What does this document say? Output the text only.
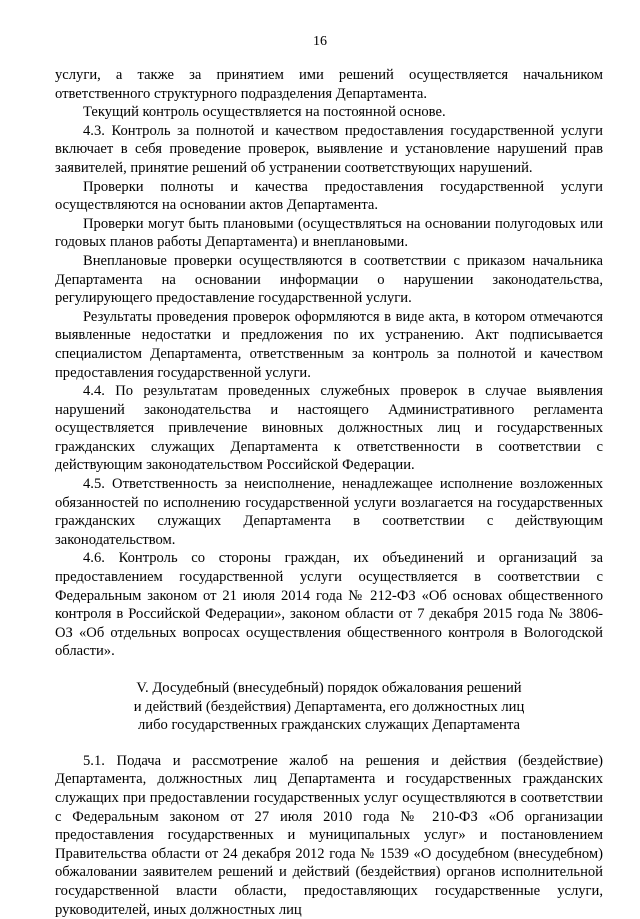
16

услуги, а также за принятием ими решений осуществляется начальником ответственного структурного подразделения Департамента.

Текущий контроль осуществляется на постоянной основе.

4.3. Контроль за полнотой и качеством предоставления государственной услуги включает в себя проведение проверок, выявление и установление нарушений прав заявителей, принятие решений об устранении соответствующих нарушений.

Проверки полноты и качества предоставления государственной услуги осуществляются на основании актов Департамента.

Проверки могут быть плановыми (осуществляться на основании полугодовых или годовых планов работы Департамента) и внеплановыми.

Внеплановые проверки осуществляются в соответствии с приказом начальника Департамента на основании информации о нарушении законодательства, регулирующего предоставление государственной услуги.

Результаты проведения проверок оформляются в виде акта, в котором отмечаются выявленные недостатки и предложения по их устранению. Акт подписывается специалистом Департамента, ответственным за контроль за полнотой и качеством предоставления государственной услуги.

4.4. По результатам проведенных служебных проверок в случае выявления нарушений законодательства и настоящего Административного регламента осуществляется привлечение виновных должностных лиц и государственных гражданских служащих Департамента к ответственности в соответствии с действующим законодательством Российской Федерации.

4.5. Ответственность за неисполнение, ненадлежащее исполнение возложенных обязанностей по исполнению государственной услуги возлагается на государственных гражданских служащих Департамента в соответствии с действующим законодательством.

4.6. Контроль со стороны граждан, их объединений и организаций за предоставлением государственной услуги осуществляется в соответствии с Федеральным законом от 21 июля 2014 года № 212-ФЗ «Об основах общественного контроля в Российской Федерации», законом области от 7 декабря 2015 года № 3806-ОЗ «Об отдельных вопросах осуществления общественного контроля в Вологодской области».

V. Досудебный (внесудебный) порядок обжалования решений
и действий (бездействия) Департамента, его должностных лиц
либо государственных гражданских служащих Департамента

5.1. Подача и рассмотрение жалоб на решения и действия (бездействие) Департамента, должностных лиц Департамента и государственных гражданских служащих при предоставлении государственных услуг осуществляются в соответствии с Федеральным законом от 27 июля 2010 года № 210-ФЗ «Об организации предоставления государственных и муниципальных услуг» и постановлением Правительства области от 24 декабря 2012 года № 1539 «О досудебном (внесудебном) обжаловании заявителем решений и действий (бездействия) органов исполнительной государственной власти области, предоставляющих государственные услуги, руководителей, иных должностных лиц
